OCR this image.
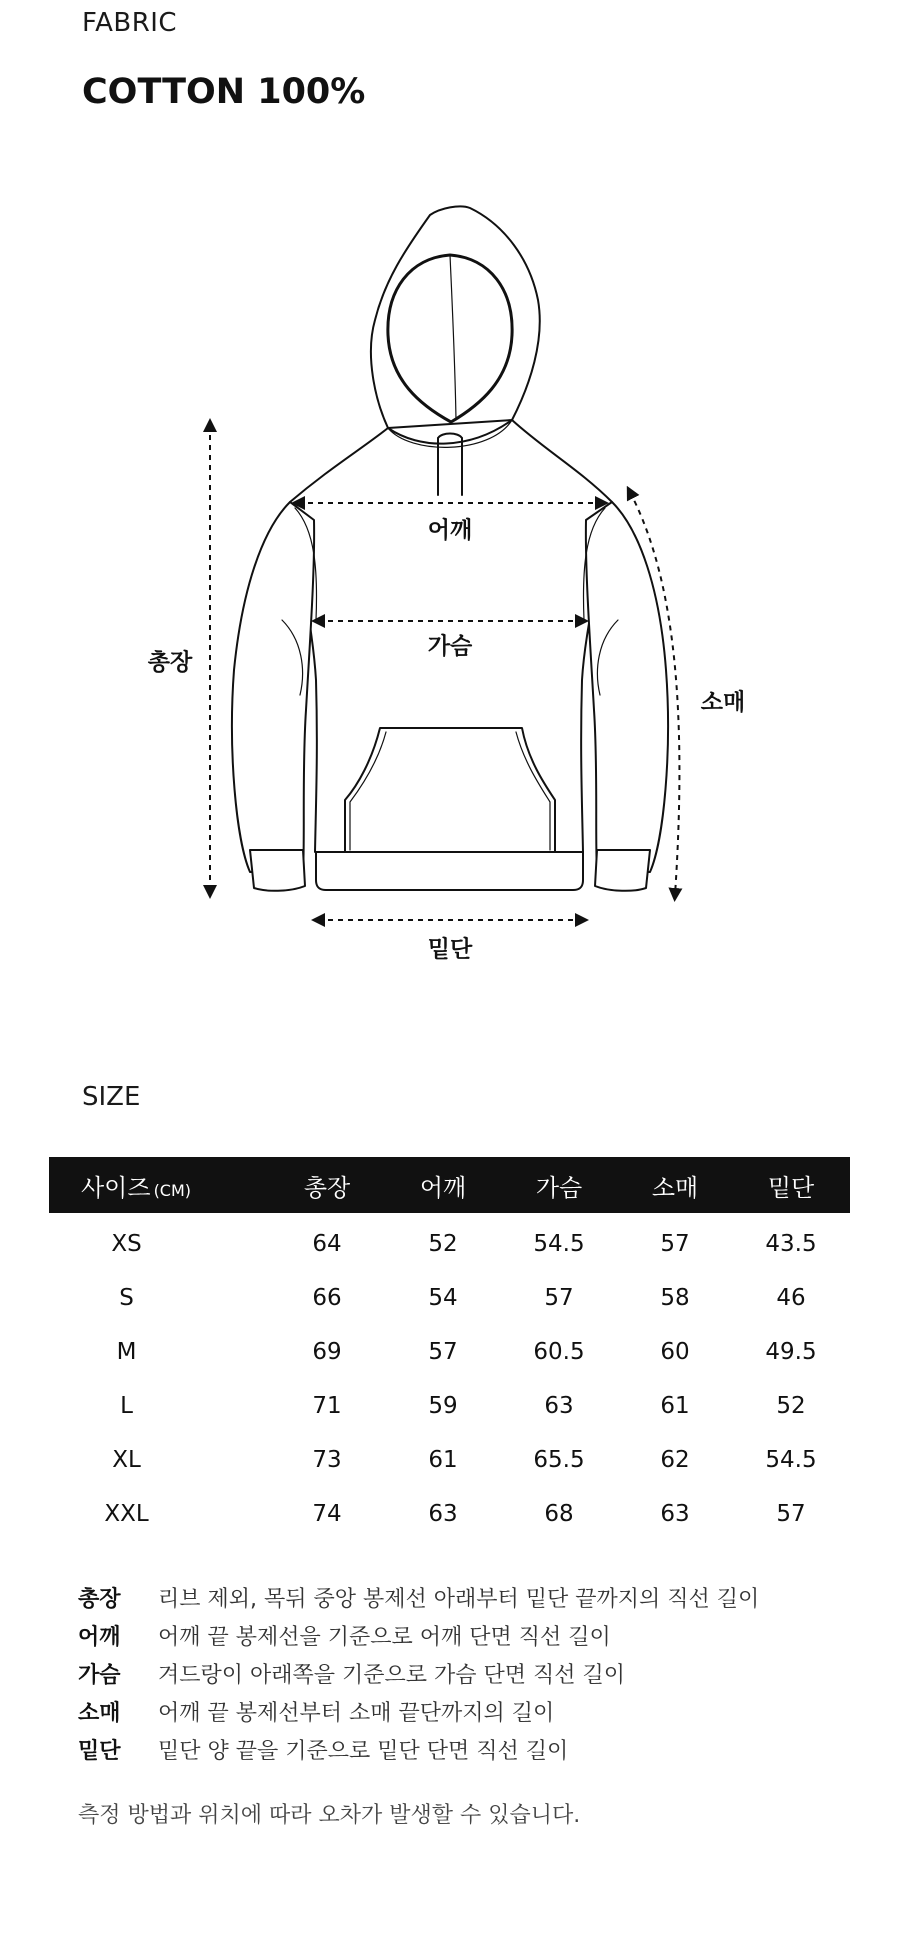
FABRIC
COTTON 100%
어깨
가슴
총장
소매
밑단
SIZE
사이즈 (CM)	총장	어깨	가슴	소매	밑단
XS	64	52	54.5	57	43.5
S	66	54	57	58	46
M	69	57	60.5	60	49.5
L	71	59	63	61	52
XL	73	61	65.5	62	54.5
XXL	74	63	68	63	57
총장	리브 제외, 목뒤 중앙 봉제선 아래부터 밑단 끝까지의 직선 길이
어깨	어깨 끝 봉제선을 기준으로 어깨 단면 직선 길이
가슴	겨드랑이 아래쪽을 기준으로 가슴 단면 직선 길이
소매	어깨 끝 봉제선부터 소매 끝단까지의 길이
밑단	밑단 양 끝을 기준으로 밑단 단면 직선 길이
측정 방법과 위치에 따라 오차가 발생할 수 있습니다.
